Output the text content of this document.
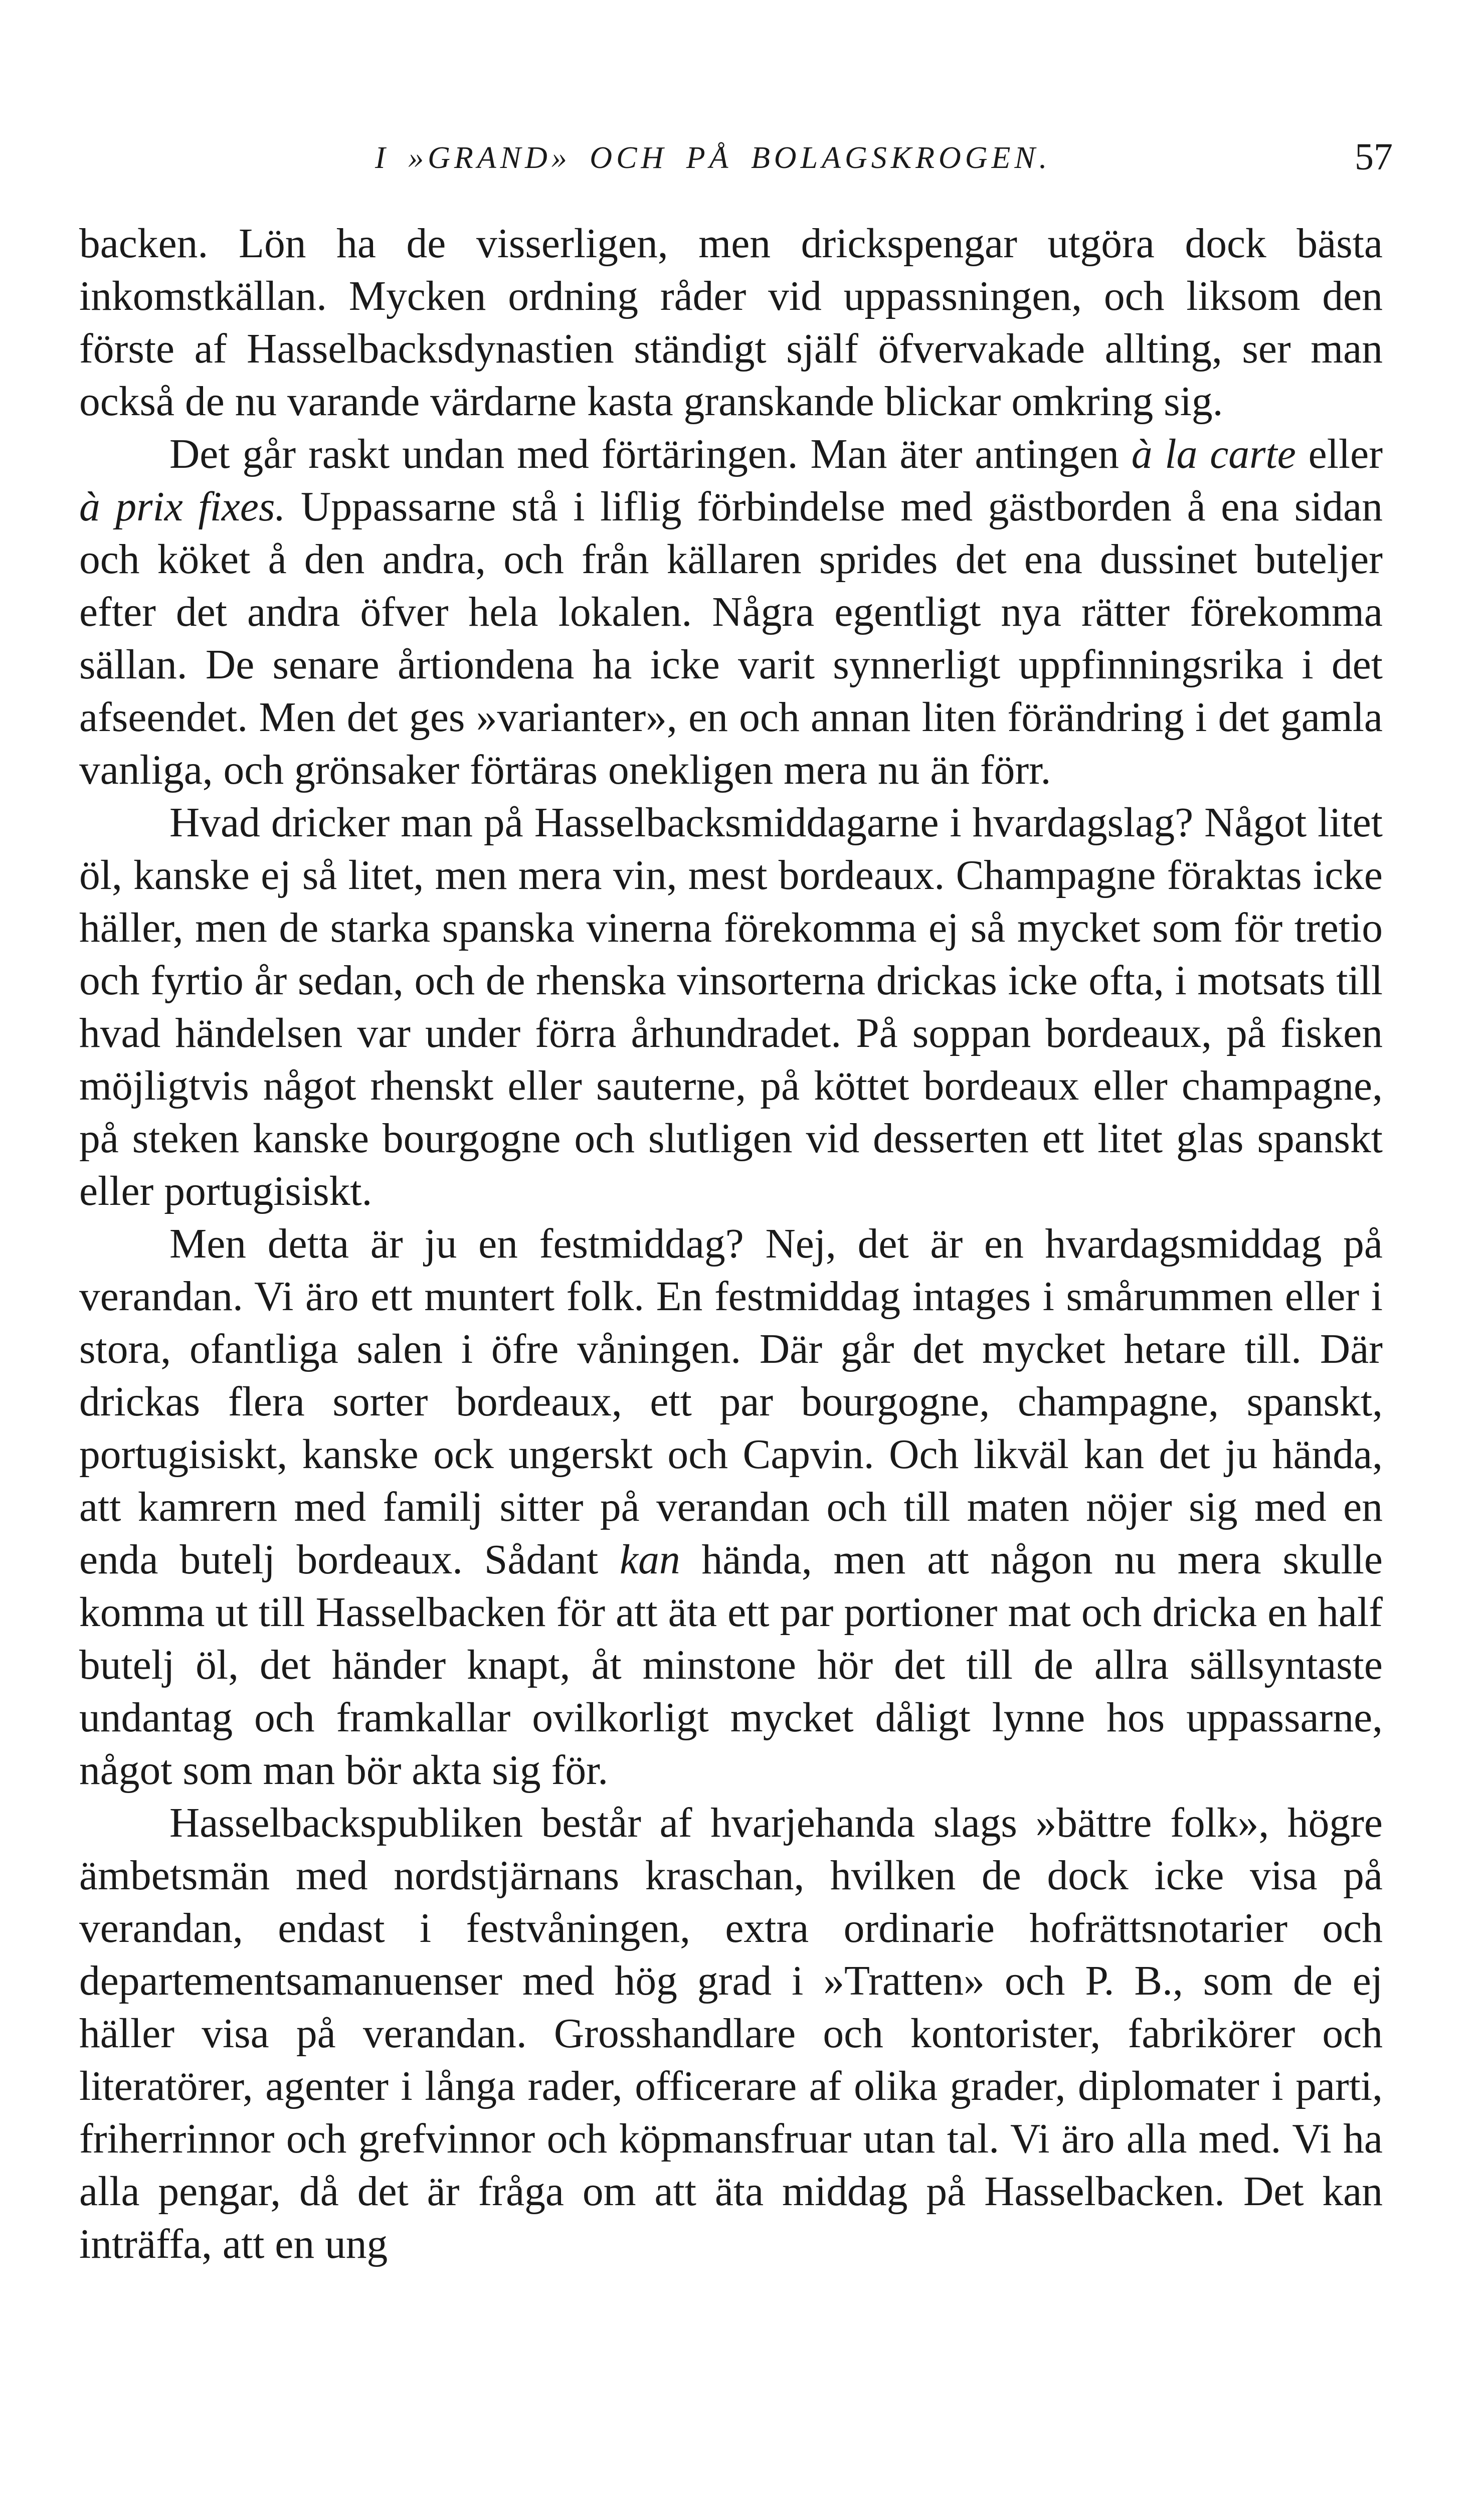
I »GRAND» OCH PÅ BOLAGSKROGEN.	57

backen. Lön ha de visserligen, men drickspengar utgöra dock bästa inkomstkällan. Mycken ordning råder vid uppassningen, och liksom den förste af Hasselbacksdynastien ständigt själf öfvervakade allting, ser man också de nu varande värdarne kasta granskande blickar omkring sig.

Det går raskt undan med förtäringen. Man äter antingen à la carte eller à prix fixes. Uppassarne stå i liflig förbindelse med gästborden å ena sidan och köket å den andra, och från källaren sprides det ena dussinet buteljer efter det andra öfver hela lokalen. Några egentligt nya rätter förekomma sällan. De senare årtiondena ha icke varit synnerligt uppfinningsrika i det afseendet. Men det ges »varianter», en och annan liten förändring i det gamla vanliga, och grönsaker förtäras onekligen mera nu än förr.

Hvad dricker man på Hasselbacksmiddagarne i hvardagslag? Något litet öl, kanske ej så litet, men mera vin, mest bordeaux. Champagne föraktas icke häller, men de starka spanska vinerna förekomma ej så mycket som för tretio och fyrtio år sedan, och de rhenska vinsorterna drickas icke ofta, i motsats till hvad händelsen var under förra århundradet. På soppan bordeaux, på fisken möjligtvis något rhenskt eller sauterne, på köttet bordeaux eller champagne, på steken kanske bourgogne och slutligen vid desserten ett litet glas spanskt eller portugisiskt.

Men detta är ju en festmiddag? Nej, det är en hvardagsmiddag på verandan. Vi äro ett muntert folk. En festmiddag intages i smårummen eller i stora, ofantliga salen i öfre våningen. Där går det mycket hetare till. Där drickas flera sorter bordeaux, ett par bourgogne, champagne, spanskt, portugisiskt, kanske ock ungerskt och Capvin. Och likväl kan det ju hända, att kamrern med familj sitter på verandan och till maten nöjer sig med en enda butelj bordeaux. Sådant kan hända, men att någon nu mera skulle komma ut till Hasselbacken för att äta ett par portioner mat och dricka en half butelj öl, det händer knapt, åt minstone hör det till de allra sällsyntaste undantag och framkallar ovilkorligt mycket dåligt lynne hos uppassarne, något som man bör akta sig för.

Hasselbackspubliken består af hvarjehanda slags »bättre folk», högre ämbetsmän med nordstjärnans kraschan, hvilken de dock icke visa på verandan, endast i festvåningen, extra ordinarie hofrättsnotarier och departementsamanuenser med hög grad i »Tratten» och P. B., som de ej häller visa på verandan. Grosshandlare och kontorister, fabrikörer och literatörer, agenter i långa rader, officerare af olika grader, diplomater i parti, friherrinnor och grefvinnor och köpmansfruar utan tal. Vi äro alla med. Vi ha alla pengar, då det är fråga om att äta middag på Hasselbacken. Det kan inträffa, att en ung
